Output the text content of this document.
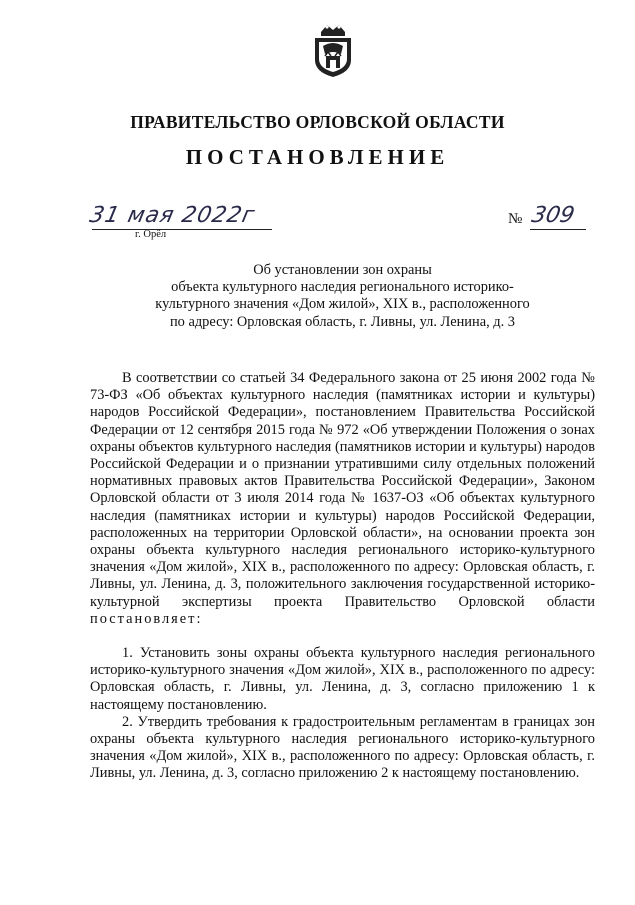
ПРАВИТЕЛЬСТВО ОРЛОВСКОЙ ОБЛАСТИ
ПОСТАНОВЛЕНИЕ
31 мая 2022г
г. Орёл
№ 309
Об установлении зон охраны
объекта культурного наследия регионального историко-
культурного значения «Дом жилой», XIX в., расположенного
по адресу: Орловская область, г. Ливны, ул. Ленина, д. 3

В соответствии со статьей 34 Федерального закона от 25 июня 2002 года № 73-ФЗ «Об объектах культурного наследия (памятниках истории и культуры) народов Российской Федерации», постановлением Правительства Российской Федерации от 12 сентября 2015 года № 972 «Об утверждении Положения о зонах охраны объектов культурного наследия (памятников истории и культуры) народов Российской Федерации и о признании утратившими силу отдельных положений нормативных правовых актов Правительства Российской Федерации», Законом Орловской области от 3 июля 2014 года № 1637-ОЗ «Об объектах культурного наследия (памятниках истории и культуры) народов Российской Федерации, расположенных на территории Орловской области», на основании проекта зон охраны объекта культурного наследия регионального историко-культурного значения «Дом жилой», XIX в., расположенного по адресу: Орловская область, г. Ливны, ул. Ленина, д. 3, положительного заключения государственной историко-культурной экспертизы проекта Правительство Орловской области постановляет:

1. Установить зоны охраны объекта культурного наследия регионального историко-культурного значения «Дом жилой», XIX в., расположенного по адресу: Орловская область, г. Ливны, ул. Ленина, д. 3, согласно приложению 1 к настоящему постановлению.

2. Утвердить требования к градостроительным регламентам в границах зон охраны объекта культурного наследия регионального историко-культурного значения «Дом жилой», XIX в., расположенного по адресу: Орловская область, г. Ливны, ул. Ленина, д. 3, согласно приложению 2 к настоящему постановлению.
